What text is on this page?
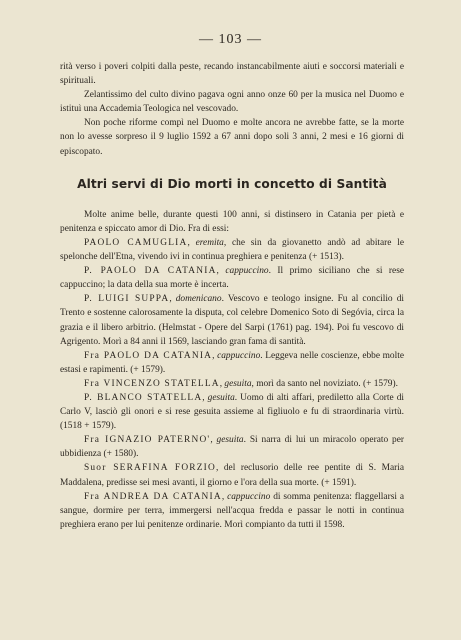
— 103 —

rità verso i poveri colpiti dalla peste, recando instancabilmente aiuti e soccorsi materiali e spirituali.

Zelantissimo del culto divino pagava ogni anno onze 60 per la musica nel Duomo e istituì una Accademia Teologica nel vescovado.

Non poche riforme compì nel Duomo e molte ancora ne avrebbe fatte, se la morte non lo avesse sorpreso il 9 luglio 1592 a 67 anni dopo soli 3 anni, 2 mesi e 16 giorni di episcopato.

Altri servi di Dio morti in concetto di Santità

Molte anime belle, durante questi 100 anni, si distinsero in Catania per pietà e penitenza e spiccato amor di Dio. Fra di essi:

PAOLO CAMUGLIA, eremita, che sin da giovanetto andò ad abitare le spelonche dell'Etna, vivendo ivi in continua preghiera e penitenza (+ 1513).

P. PAOLO DA CATANIA, cappuccino. Il primo siciliano che si rese cappuccino; la data della sua morte è incerta.

P. LUIGI SUPPA, domenicano. Vescovo e teologo insigne. Fu al concilio di Trento e sostenne calorosamente la disputa, col celebre Domenico Soto di Segóvia, circa la grazia e il libero arbitrio. (Helmstat - Opere del Sarpi (1761) pag. 194). Poi fu vescovo di Agrigento. Morì a 84 anni il 1569, lasciando gran fama di santità.

Fra PAOLO DA CATANIA, cappuccino. Leggeva nelle coscienze, ebbe molte estasi e rapimenti. (+ 1579).

Fra VINCENZO STATELLA, gesuita, morì da santo nel noviziato. (+ 1579).

P. BLANCO STATELLA, gesuita. Uomo di alti affari, prediletto alla Corte di Carlo V, lasciò gli onori e si rese gesuita assieme al figliuolo e fu di straordinaria virtù. (1518 + 1579).

Fra IGNAZIO PATERNO', gesuita. Si narra di lui un miracolo operato per ubbidienza (+ 1580).

Suor SERAFINA FORZIO, del reclusorio delle ree pentite di S. Maria Maddalena, predisse sei mesi avanti, il giorno e l'ora della sua morte. (+ 1591).

Fra ANDREA DA CATANIA, cappuccino di somma penitenza: flaggellarsi a sangue, dormire per terra, immergersi nell'acqua fredda e passar le notti in continua preghiera erano per lui penitenze ordinarie. Morì compianto da tutti il 1598.
